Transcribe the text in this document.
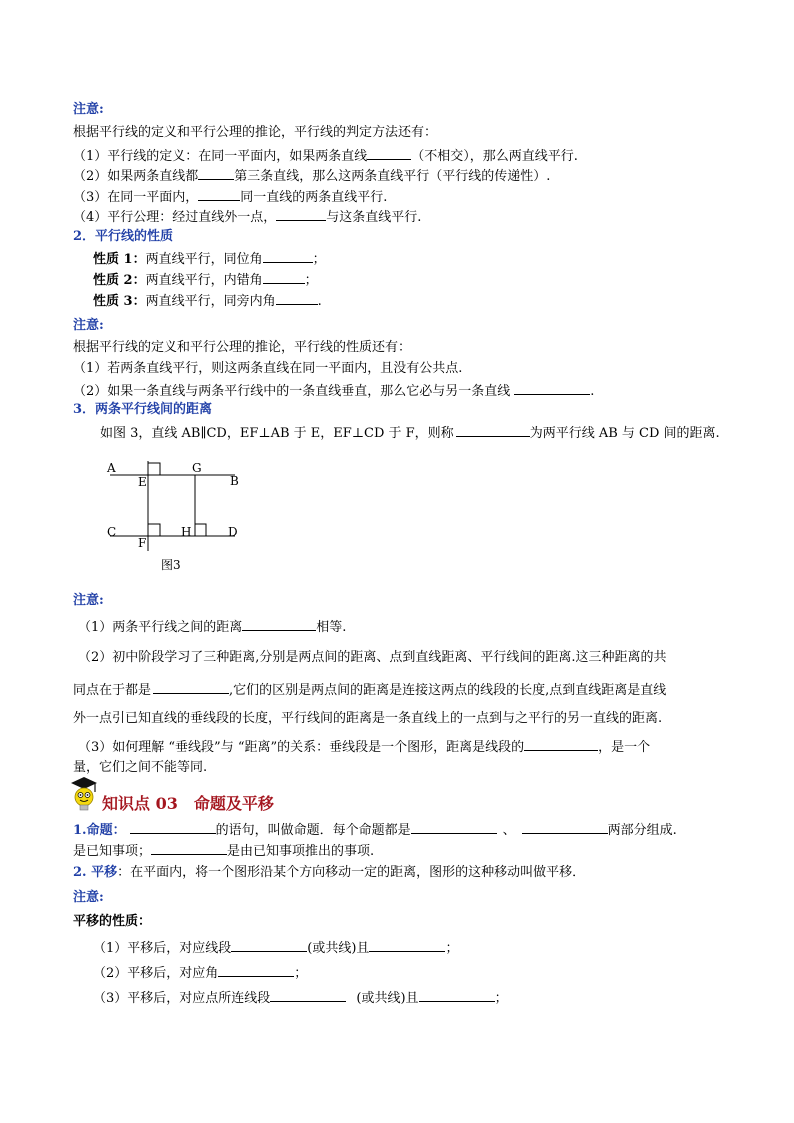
注意:
根据平行线的定义和平行公理的推论，平行线的判定方法还有：
（1）平行线的定义：在同一平面内，如果两条直线	（不相交），那么两直线平行.
（2）如果两条直线都	第三条直线，那么这两条直线平行（平行线的传递性）.
（3）在同一平面内，	同一直线的两条直线平行.
（4）平行公理：经过直线外一点，	与这条直线平行.
2．平行线的性质
性质 1：两直线平行，同位角	；
性质 2：两直线平行，内错角	；
性质 3：两直线平行，同旁内角	.
注意:
根据平行线的定义和平行公理的推论，平行线的性质还有：
（1）若两条直线平行，则这两条直线在同一平面内，且没有公共点.
（2）如果一条直线与两条平行线中的一条直线垂直，那么它必与另一条直线	.
3．两条平行线间的距离
如图 3，直线 AB∥CD，EF⊥AB 于 E，EF⊥CD 于 F，则称	为两平行线 AB 与 CD 间的距离.
A	G
E	B
C	H	D
F
图3
注意:
（1）两条平行线之间的距离	相等.
（2）初中阶段学习了三种距离,分别是两点间的距离、点到直线距离、平行线间的距离.这三种距离的共
同点在于都是	,它们的区别是两点间的距离是连接这两点的线段的长度,点到直线距离是直线
外一点引已知直线的垂线段的长度，平行线间的距离是一条直线上的一点到与之平行的另一直线的距离.
（3）如何理解 “垂线段”与 “距离”的关系：垂线段是一个图形，距离是线段的	，是一个
量，它们之间不能等同.
知识点 03　命题及平移
1.命题：	的语句，叫做命题．每个命题都是	、	两部分组成.
是已知事项；	是由已知事项推出的事项.
2. 平移：在平面内，将一个图形沿某个方向移动一定的距离，图形的这种移动叫做平移．
注意:
平移的性质：
（1）平移后，对应线段	(或共线)且	；
（2）平移后，对应角	；
（3）平移后，对应点所连线段	(或共线)且	；
